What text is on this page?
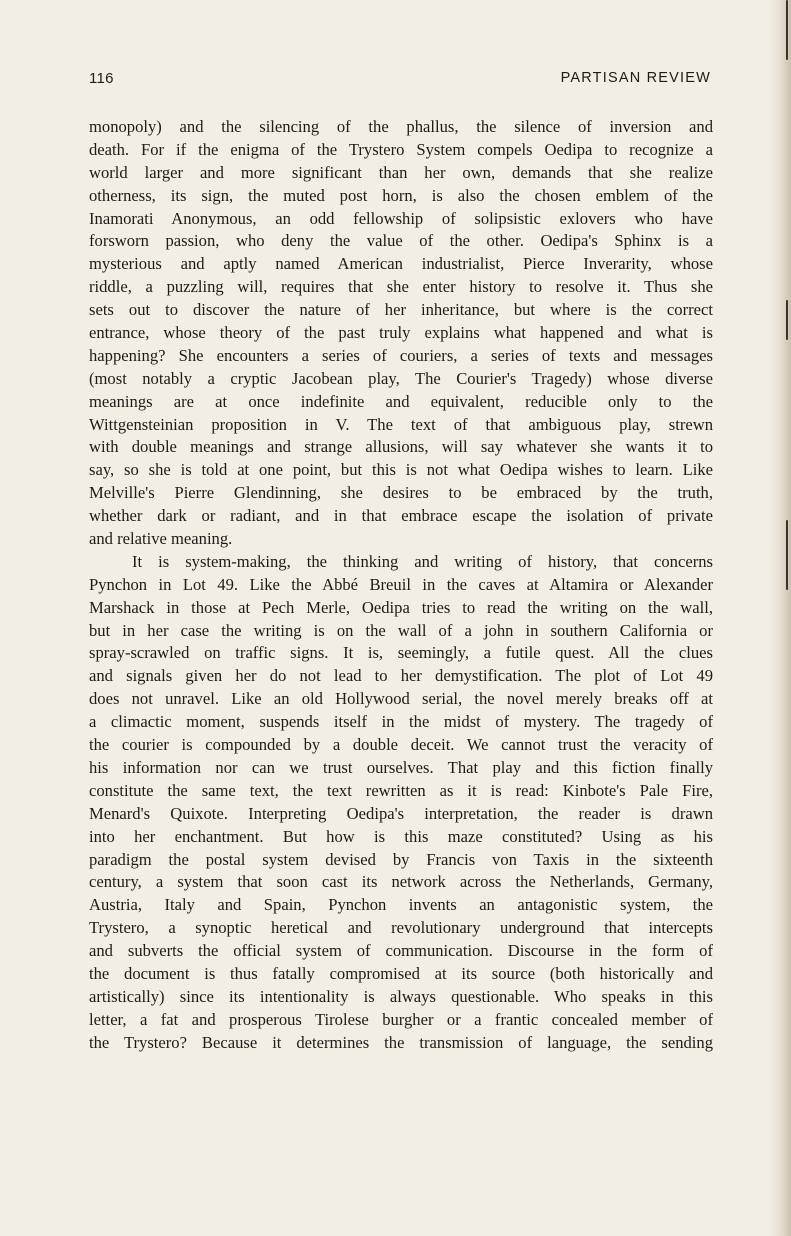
116	PARTISAN REVIEW
monopoly) and the silencing of the phallus, the silence of inversion and
death. For if the enigma of the Trystero System compels Oedipa to recognize a
world larger and more significant than her own, demands that she realize
otherness, its sign, the muted post horn, is also the chosen emblem of the
Inamorati Anonymous, an odd fellowship of solipsistic exlovers who have
forsworn passion, who deny the value of the other. Oedipa's Sphinx is a
mysterious and aptly named American industrialist, Pierce Inverarity, whose
riddle, a puzzling will, requires that she enter history to resolve it. Thus she
sets out to discover the nature of her inheritance, but where is the correct
entrance, whose theory of the past truly explains what happened and what is
happening? She encounters a series of couriers, a series of texts and messages
(most notably a cryptic Jacobean play, The Courier's Tragedy) whose diverse
meanings are at once indefinite and equivalent, reducible only to the
Wittgensteinian proposition in V. The text of that ambiguous play, strewn
with double meanings and strange allusions, will say whatever she wants it to
say, so she is told at one point, but this is not what Oedipa wishes to learn. Like
Melville's Pierre Glendinning, she desires to be embraced by the truth,
whether dark or radiant, and in that embrace escape the isolation of private
and relative meaning.
It is system-making, the thinking and writing of history, that concerns
Pynchon in Lot 49. Like the Abbé Breuil in the caves at Altamira or Alexander
Marshack in those at Pech Merle, Oedipa tries to read the writing on the wall,
but in her case the writing is on the wall of a john in southern California or
spray-scrawled on traffic signs. It is, seemingly, a futile quest. All the clues
and signals given her do not lead to her demystification. The plot of Lot 49
does not unravel. Like an old Hollywood serial, the novel merely breaks off at
a climactic moment, suspends itself in the midst of mystery. The tragedy of
the courier is compounded by a double deceit. We cannot trust the veracity of
his information nor can we trust ourselves. That play and this fiction finally
constitute the same text, the text rewritten as it is read: Kinbote's Pale Fire,
Menard's Quixote. Interpreting Oedipa's interpretation, the reader is drawn
into her enchantment. But how is this maze constituted? Using as his
paradigm the postal system devised by Francis von Taxis in the sixteenth
century, a system that soon cast its network across the Netherlands, Germany,
Austria, Italy and Spain, Pynchon invents an antagonistic system, the
Trystero, a synoptic heretical and revolutionary underground that intercepts
and subverts the official system of communication. Discourse in the form of
the document is thus fatally compromised at its source (both historically and
artistically) since its intentionality is always questionable. Who speaks in this
letter, a fat and prosperous Tirolese burgher or a frantic concealed member of
the Trystero? Because it determines the transmission of language, the sending
